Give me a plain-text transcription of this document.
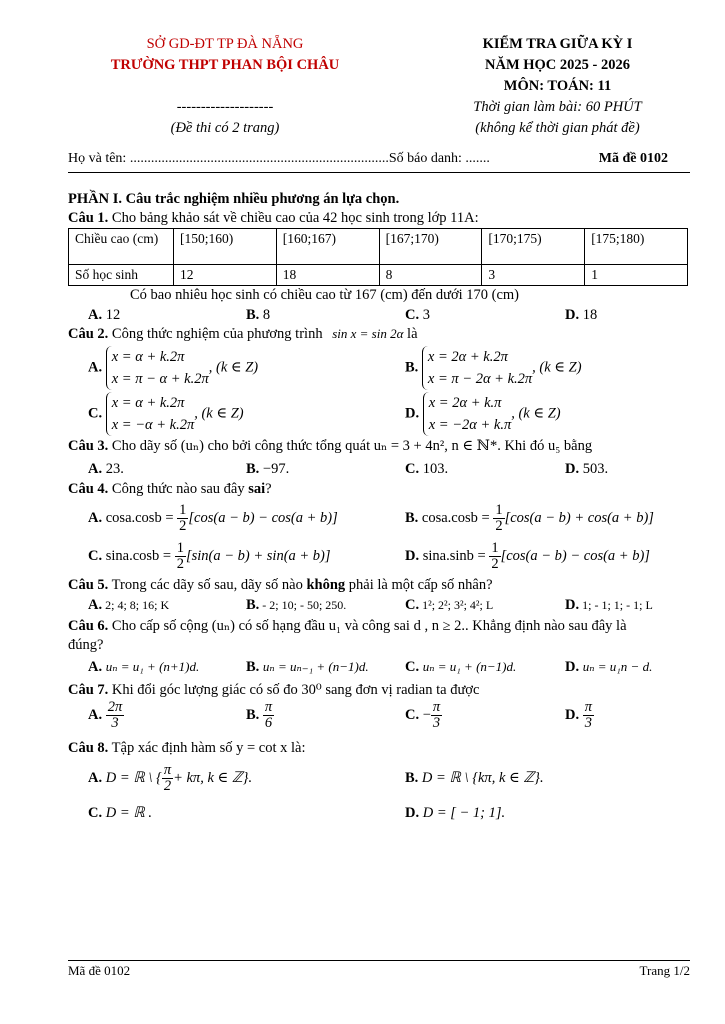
SỞ GD-ĐT TP ĐÀ NẴNG
TRƯỜNG THPT PHAN BỘI CHÂU
--------------------
(Đề thi có 2 trang)
KIỂM TRA GIỮA KỲ I
NĂM HỌC 2025 - 2026
MÔN: TOÁN: 11
Thời gian làm bài: 60 PHÚT
(không kể thời gian phát đề)
Họ và tên: ..........................................................................Số báo danh: .......	Mã đề 0102
PHẦN I. Câu trắc nghiệm nhiều phương án lựa chọn.
Câu 1. Cho bảng khảo sát về chiều cao của 42 học sinh trong lớp 11A:
Chiều cao (cm)	[150;160)	[160;167)	[167;170)	[170;175)	[175;180)
Số học sinh	12	18	8	3	1
Có bao nhiêu học sinh có chiều cao từ 167 (cm) đến dưới 170 (cm)
A. 12	B. 8	C. 3	D. 18
Câu 2. Công thức nghiệm của phương trình sin x = sin 2α là
A.
x = α + k.2π
x = π − α + k.2π
, (k ∈ Z)	B.
x = 2α + k.2π
x = π − 2α + k.2π
, (k ∈ Z)
C.
x = α + k.2π
x = −α + k.2π
, (k ∈ Z)	D.
x = 2α + k.π
x = −2α + k.π
, (k ∈ Z)
Câu 3. Cho dãy số (uₙ) cho bởi công thức tổng quát uₙ = 3 + 4n², n ∈ ℕ*. Khi đó u₅ bằng
A. 23.	B. −97.	C. 103.	D. 503.
Câu 4. Công thức nào sau đây sai?
A. $\cos a.\cos b = \frac{1}{2} [\cos(a - b) - \cos(a + b)]$	B. $\cos a.\cos b = \frac{1}{2} [\cos(a - b) + \cos(a + b)]$
C. $\sin a.\cos b = \frac{1}{2} [\sin(a - b) + \sin(a + b)]$	D. $\sin a.\sin b = \frac{1}{2} [\cos(a - b) - \cos(a + b)]$
Câu 5. Trong các dãy số sau, dãy số nào không phải là một cấp số nhân?
A. 2; 4; 8; 16; K	B. - 2; 10; - 50; 250.	C. 1²; 2²; 3²; 4²; L	D. 1; - 1; 1; - 1; L
Câu 6. Cho cấp số cộng (uₙ) có số hạng đầu u₁ và công sai d , n ≥ 2.. Khẳng định nào sau đây là
đúng?
A. uₙ = u₁ + (n+1)d.	B. uₙ = uₙ₋₁ + (n−1)d.	C. uₙ = u₁ + (n−1)d.	D. uₙ = u₁n − d.
Câu 7. Khi đổi góc lượng giác có số đo 30⁰ sang đơn vị radian ta được
A. $\frac{2\pi}{3}$	B. $\frac{\pi}{6}$	C. − $\frac{\pi}{3}$	D. $\frac{\pi}{3}$
Câu 8. Tập xác định hàm số y = cot x là:
A. D = ℝ \ { $\frac{\pi}{2} + k\pi$, k ∈ ℤ}.	B. D = ℝ \ {kπ, k ∈ ℤ}.
C. D = ℝ .	D. D = [ − 1; 1].
Mã đề 0102	Trang 1/2
